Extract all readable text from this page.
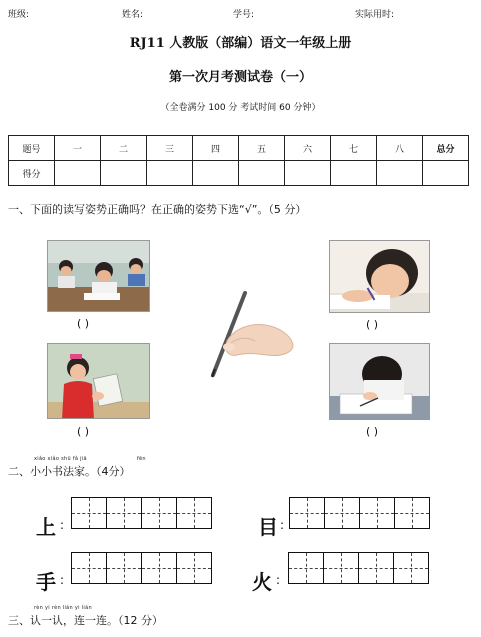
班级:	姓名:	学号:	实际用时:
RJ11 人教版（部编）语文一年级上册
第一次月考测试卷（一）
（全卷满分 100 分 考试时间 60 分钟）
题号	一	二	三	四	五	六	七	八	总分
得分									
一、下面的读写姿势正确吗？在正确的姿势下选“√”。（5 分）
( )	( )
( )	( )
xiǎo xiǎo shū fǎ jiā	fēn
二、小小书法家。（4分）
上 :	目 :
手 :	火 :
rèn yi rèn lián yi lián
三、认一认，连一连。（12 分）
